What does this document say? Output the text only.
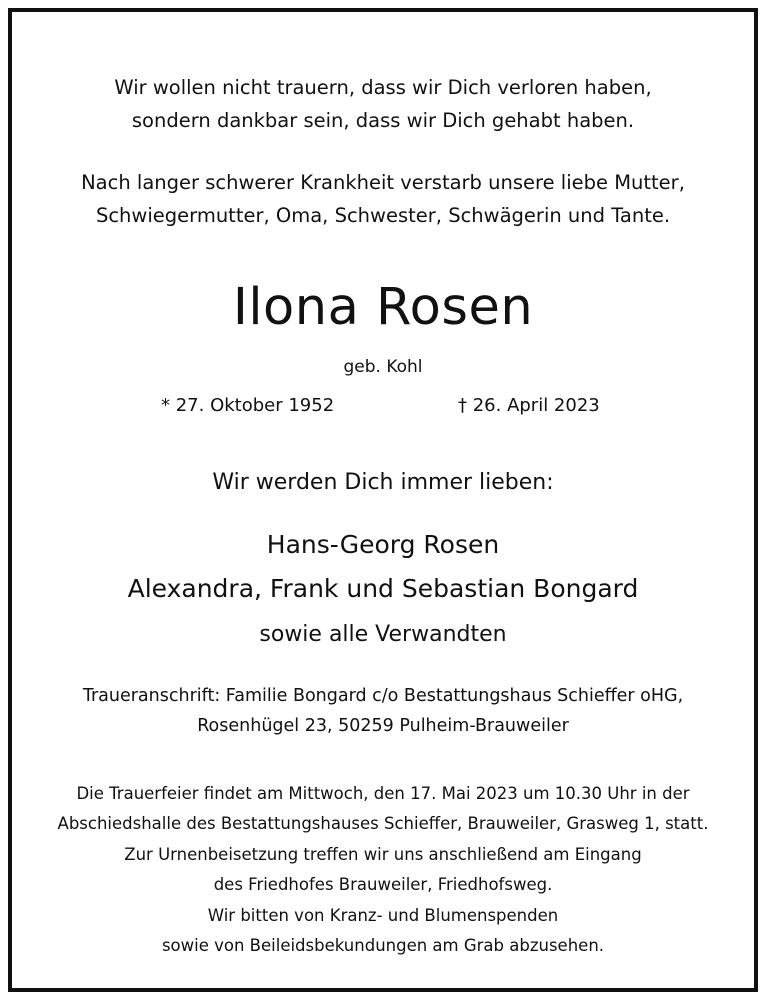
Wir wollen nicht trauern, dass wir Dich verloren haben,
sondern dankbar sein, dass wir Dich gehabt haben.
Nach langer schwerer Krankheit verstarb unsere liebe Mutter,
Schwiegermutter, Oma, Schwester, Schwägerin und Tante.
Ilona Rosen
geb. Kohl
* 27. Oktober 1952	† 26. April 2023
Wir werden Dich immer lieben:
Hans-Georg Rosen
Alexandra, Frank und Sebastian Bongard
sowie alle Verwandten
Traueranschrift: Familie Bongard c/o Bestattungshaus Schieffer oHG,
Rosenhügel 23, 50259 Pulheim-Brauweiler
Die Trauerfeier findet am Mittwoch, den 17. Mai 2023 um 10.30 Uhr in der
Abschiedshalle des Bestattungshauses Schieffer, Brauweiler, Grasweg 1, statt.
Zur Urnenbeisetzung treffen wir uns anschließend am Eingang
des Friedhofes Brauweiler, Friedhofsweg.
Wir bitten von Kranz- und Blumenspenden
sowie von Beileidsbekundungen am Grab abzusehen.
